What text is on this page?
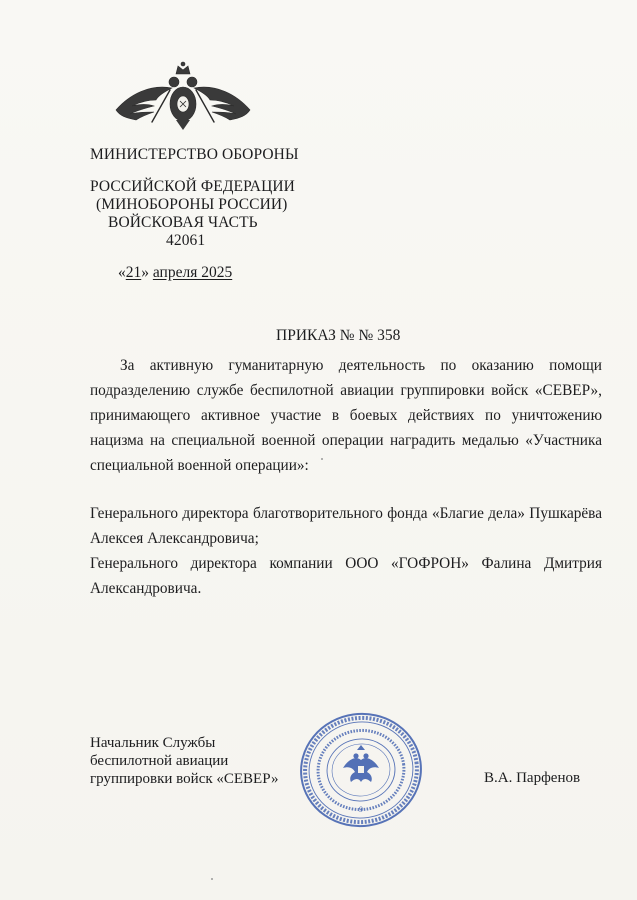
МИНИСТЕРСТВО ОБОРОНЫ
РОССИЙСКОЙ ФЕДЕРАЦИИ
(МИНОБОРОНЫ РОССИИ)
ВОЙСКОВАЯ ЧАСТЬ
42061
«21» апреля 2025
ПРИКАЗ № № 358
За активную гуманитарную деятельность по оказанию помощи подразделению службе беспилотной авиации группировки войск «СЕВЕР», принимающего активное участие в боевых действиях по уничтожению нацизма на специальной военной операции наградить медалью «Участника специальной военной операции»:
Генерального директора благотворительного фонда «Благие дела» Пушкарёва Алексея Александровича;
Генерального директора компании ООО «ГОФРОН» Фалина Дмитрия Александровича.
Начальник Службы
беспилотной авиации
группировки войск «СЕВЕР»
9
В.А. Парфенов
